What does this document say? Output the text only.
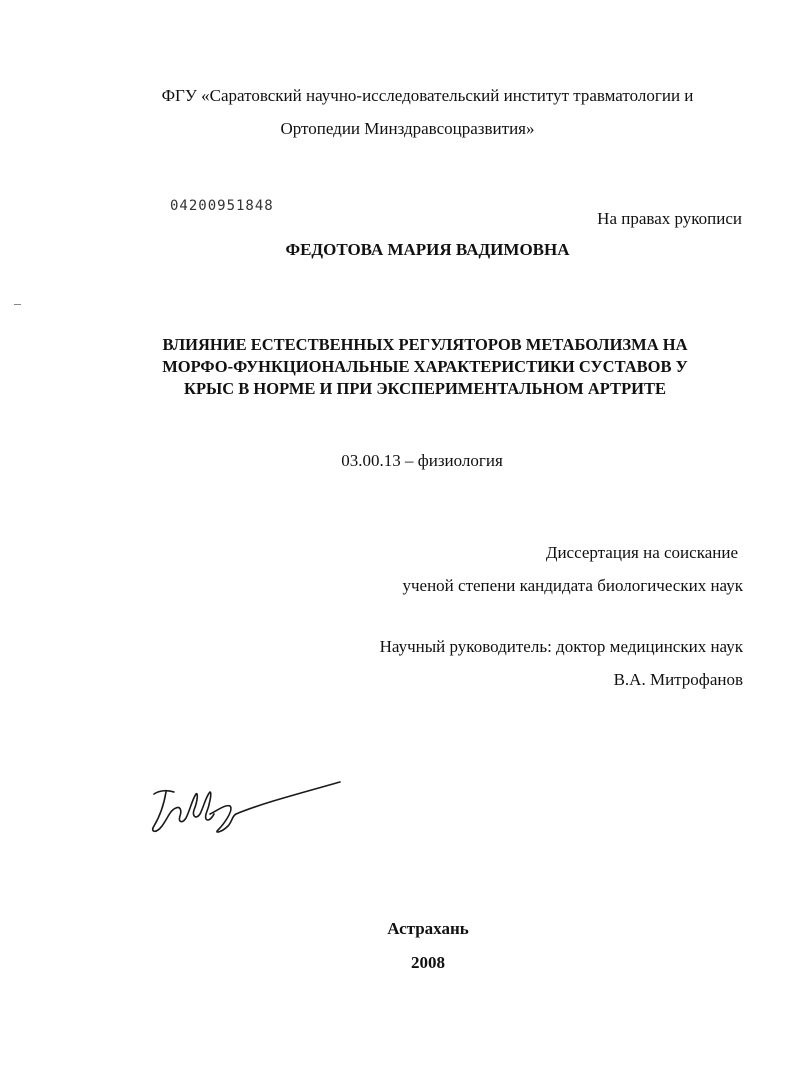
ФГУ «Саратовский научно-исследовательский институт травматологии и
Ортопедии Минздравсоцразвития»
04200951848
На правах рукописи
ФЕДОТОВА МАРИЯ ВАДИМОВНА
ВЛИЯНИЕ ЕСТЕСТВЕННЫХ РЕГУЛЯТОРОВ МЕТАБОЛИЗМА НА
МОРФО-ФУНКЦИОНАЛЬНЫЕ ХАРАКТЕРИСТИКИ СУСТАВОВ У
КРЫС В НОРМЕ И ПРИ ЭКСПЕРИМЕНТАЛЬНОМ АРТРИТЕ
03.00.13 – физиология
Диссертация на соискание
ученой степени кандидата биологических наук
Научный руководитель: доктор медицинских наук
В.А. Митрофанов
Астрахань
2008
